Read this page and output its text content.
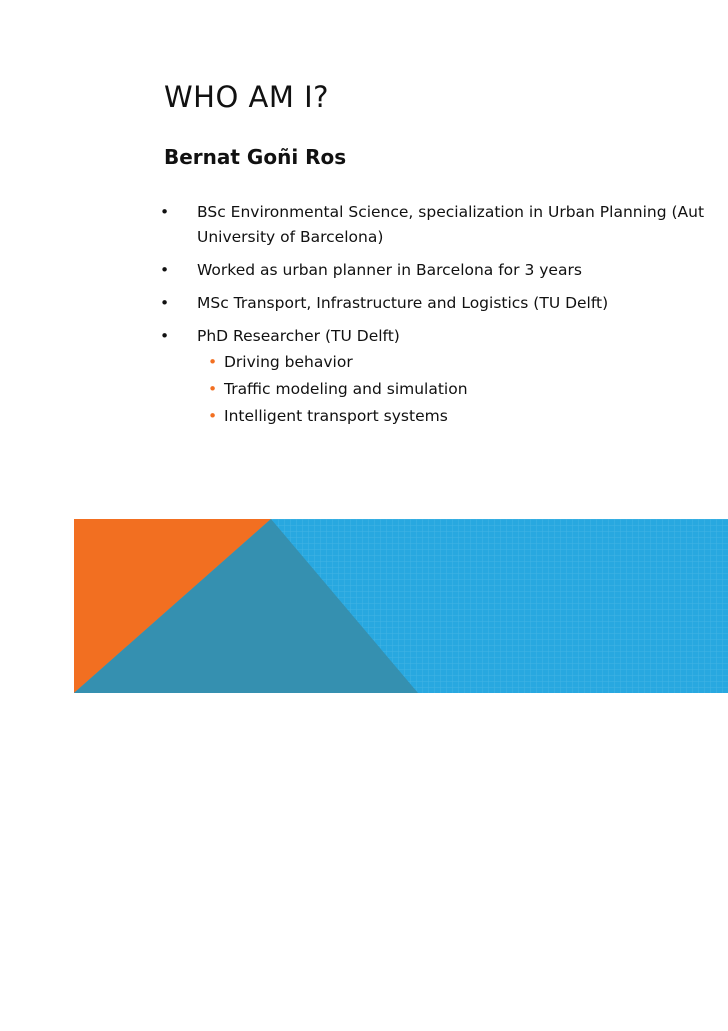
WHO AM I?
Bernat Goñi Ros
• BSc Environmental Science, specialization in Urban Planning (Aut
University of Barcelona)
• Worked as urban planner in Barcelona for 3 years
• MSc Transport, Infrastructure and Logistics (TU Delft)
• PhD Researcher (TU Delft)
• Driving behavior
• Traffic modeling and simulation
• Intelligent transport systems
